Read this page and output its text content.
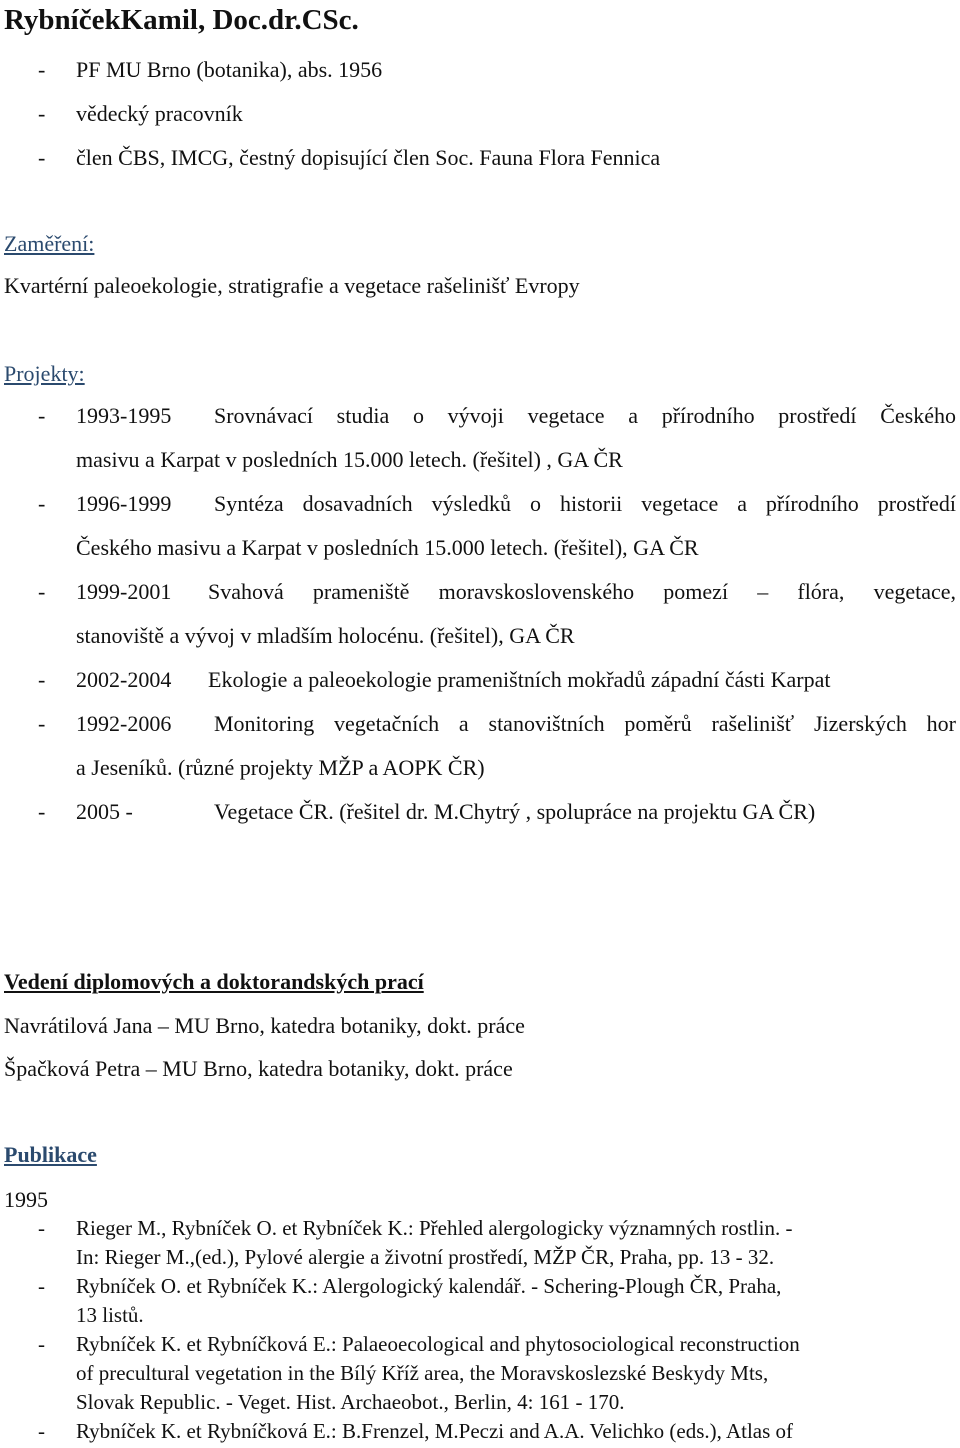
RybníčekKamil, Doc.dr.CSc.
-	PF MU Brno (botanika), abs. 1956
-	vědecký pracovník
-	člen ČBS, IMCG, čestný dopisující člen Soc. Fauna Flora Fennica
Zaměření:
Kvartérní paleoekologie, stratigrafie a vegetace rašelinišť Evropy
Projekty:
-	1993-1995 Srovnávací studia o vývoji vegetace a přírodního prostředí Českého
masivu a Karpat v posledních 15.000 letech. (řešitel) , GA ČR
-	1996-1999 Syntéza dosavadních výsledků o historii vegetace a přírodního prostředí
Českého masivu a Karpat v posledních 15.000 letech. (řešitel), GA ČR
-	1999-2001 Svahová prameniště moravskoslovenského pomezí – flóra, vegetace,
stanoviště a vývoj v mladším holocénu. (řešitel), GA ČR
-	2002-2004 Ekologie a paleoekologie prameništních mokřadů západní části Karpat
-	1992-2006 Monitoring vegetačních a stanovištních poměrů rašelinišť Jizerských hor
a Jeseníků. (různé projekty MŽP a AOPK ČR)
-	2005 -	Vegetace ČR. (řešitel dr. M.Chytrý , spolupráce na projektu GA ČR)
Vedení diplomových a doktorandských prací
Navrátilová Jana – MU Brno, katedra botaniky, dokt. práce
Špačková Petra – MU Brno, katedra botaniky, dokt. práce
Publikace
1995
-	Rieger M., Rybníček O. et Rybníček K.: Přehled alergologicky významných rostlin. -
In: Rieger M.,(ed.), Pylové alergie a životní prostředí, MŽP ČR, Praha, pp. 13 - 32.
-	Rybníček O. et Rybníček K.: Alergologický kalendář. - Schering-Plough ČR, Praha,
13 listů.
-	Rybníček K. et Rybníčková E.: Palaeoecological and phytosociological reconstruction
of precultural vegetation in the Bílý Kříž area, the Moravskoslezské Beskydy Mts,
Slovak Republic. - Veget. Hist. Archaeobot., Berlin, 4: 161 - 170.
-	Rybníček K. et Rybníčková E.: B.Frenzel, M.Peczi and A.A. Velichko (eds.), Atlas of
